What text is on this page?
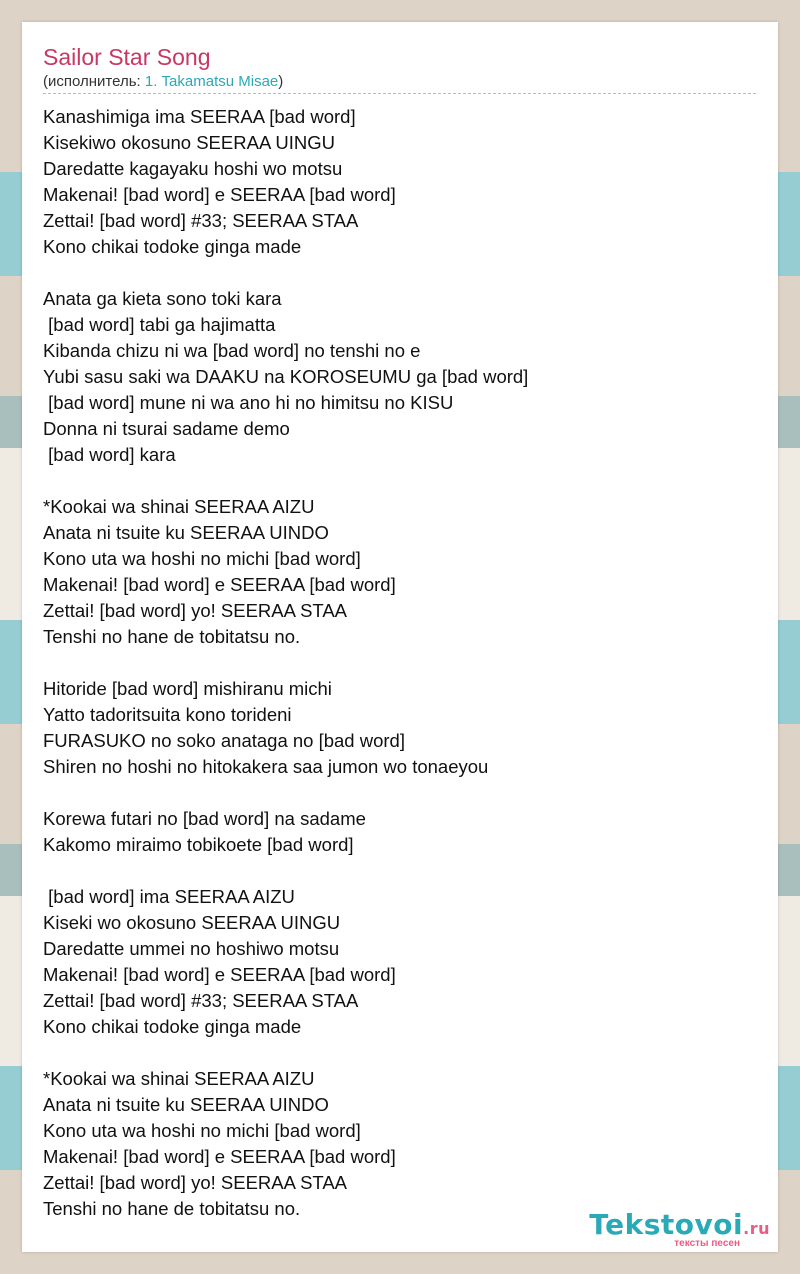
Sailor Star Song
(исполнитель: 1. Takamatsu Misae)
Kanashimiga ima SEERAA [bad word]
Kisekiwo okosuno SEERAA UINGU
Daredatte kagayaku hoshi wo motsu
Makenai! [bad word] e SEERAA [bad word]
Zettai! [bad word] #33; SEERAA STAA
Kono chikai todoke ginga made
Anata ga kieta sono toki kara
[bad word] tabi ga hajimatta
Kibanda chizu ni wa [bad word] no tenshi no e
Yubi sasu saki wa DAAKU na KOROSEUMU ga [bad word]
[bad word] mune ni wa ano hi no himitsu no KISU
Donna ni tsurai sadame demo
[bad word] kara
*Kookai wa shinai SEERAA AIZU
Anata ni tsuite ku SEERAA UINDO
Kono uta wa hoshi no michi [bad word]
Makenai! [bad word] e SEERAA [bad word]
Zettai! [bad word] yo! SEERAA STAA
Tenshi no hane de tobitatsu no.
Hitoride [bad word] mishiranu michi
Yatto tadoritsuita kono torideni
FURASUKO no soko anataga no [bad word]
Shiren no hoshi no hitokakera saa jumon wo tonaeyou
Korewa futari no [bad word] na sadame
Kakomo miraimo tobikoete [bad word]
[bad word] ima SEERAA AIZU
Kiseki wo okosuno SEERAA UINGU
Daredatte ummei no hoshiwo motsu
Makenai! [bad word] e SEERAA [bad word]
Zettai! [bad word] #33; SEERAA STAA
Kono chikai todoke ginga made
*Kookai wa shinai SEERAA AIZU
Anata ni tsuite ku SEERAA UINDO
Kono uta wa hoshi no michi [bad word]
Makenai! [bad word] e SEERAA [bad word]
Zettai! [bad word] yo! SEERAA STAA
Tenshi no hane de tobitatsu no.	Tekstovoi.ru
тексты песен
